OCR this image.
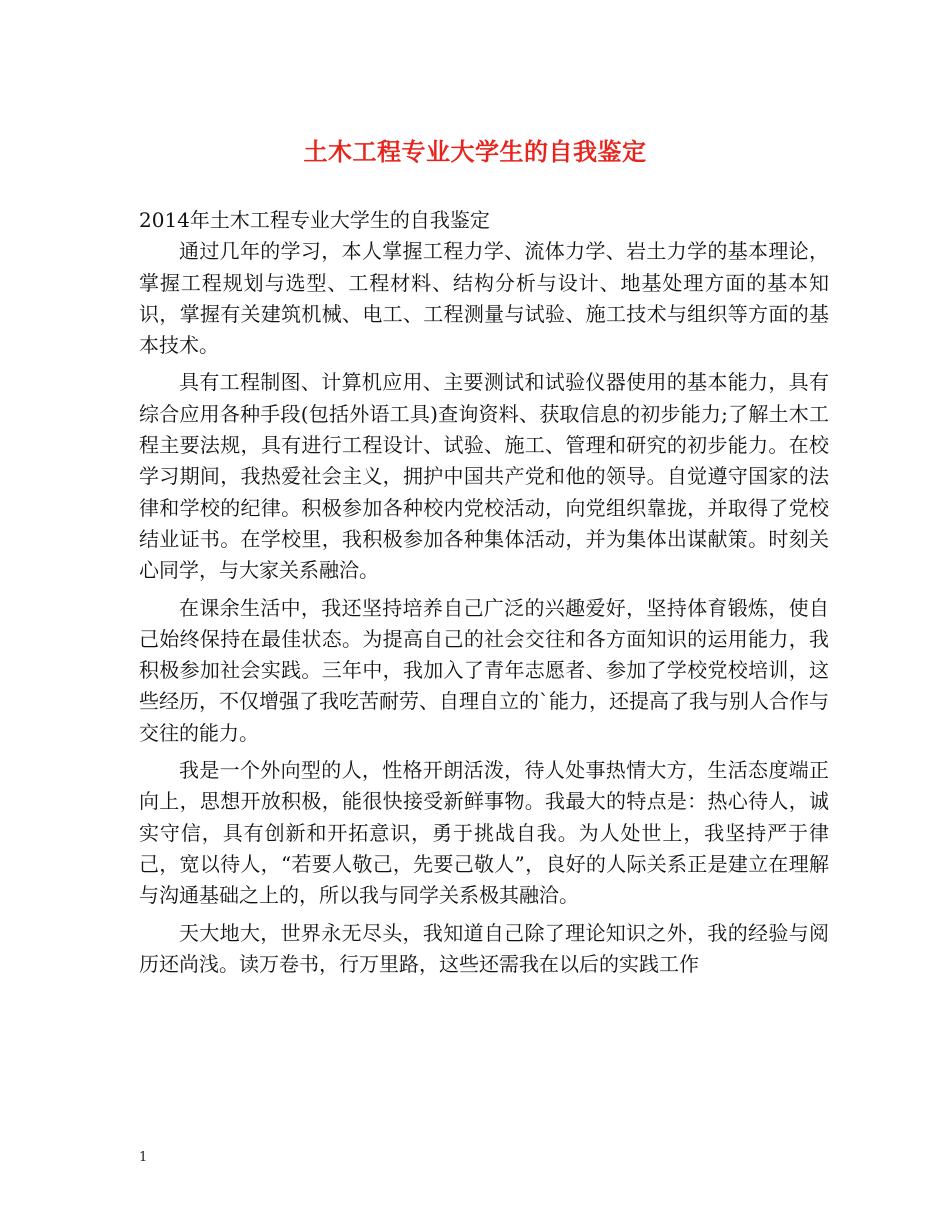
土木工程专业大学生的自我鉴定

2014年土木工程专业大学生的自我鉴定

通过几年的学习，本人掌握工程力学、流体力学、岩土力学的基本理论，掌握工程规划与选型、工程材料、结构分析与设计、地基处理方面的基本知识，掌握有关建筑机械、电工、工程测量与试验、施工技术与组织等方面的基本技术。

具有工程制图、计算机应用、主要测试和试验仪器使用的基本能力，具有综合应用各种手段(包括外语工具)查询资料、获取信息的初步能力;了解土木工程主要法规，具有进行工程设计、试验、施工、管理和研究的初步能力。在校学习期间，我热爱社会主义，拥护中国共产党和他的领导。自觉遵守国家的法律和学校的纪律。积极参加各种校内党校活动，向党组织靠拢，并取得了党校结业证书。在学校里，我积极参加各种集体活动，并为集体出谋献策。时刻关心同学，与大家关系融洽。

在课余生活中，我还坚持培养自己广泛的兴趣爱好，坚持体育锻炼，使自己始终保持在最佳状态。为提高自己的社会交往和各方面知识的运用能力，我积极参加社会实践。三年中，我加入了青年志愿者、参加了学校党校培训，这些经历，不仅增强了我吃苦耐劳、自理自立的`能力，还提高了我与别人合作与交往的能力。

我是一个外向型的人，性格开朗活泼，待人处事热情大方，生活态度端正向上，思想开放积极，能很快接受新鲜事物。我最大的特点是：热心待人，诚实守信，具有创新和开拓意识，勇于挑战自我。为人处世上，我坚持严于律己，宽以待人，“若要人敬己，先要己敬人”，良好的人际关系正是建立在理解与沟通基础之上的，所以我与同学关系极其融洽。

天大地大，世界永无尽头，我知道自己除了理论知识之外，我的经验与阅历还尚浅。读万卷书，行万里路，这些还需我在以后的实践工作

1
